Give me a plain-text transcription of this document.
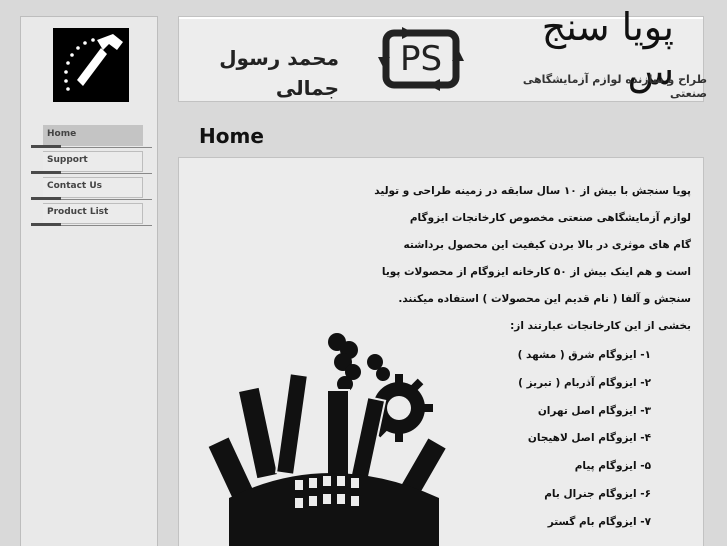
Home
Support
Contact Us
Product List
محمد رسول جمالی
PS
پویا سنج س
طراح و سازنده لوازم آزمایشگاهی صنعتی
Home

پویا سنجش با بیش از ۱۰ سال سابقه در زمینه طراحی و تولید

لوازم آزمایشگاهی صنعتی مخصوص کارخانجات ایزوگام

گام های موثری در بالا بردن کیفیت این محصول برداشته

است و هم اینک بیش از ۵۰ کارخانه ایزوگام از محصولات پویا

سنجش و آلفا ( نام قدیم این محصولات ) استفاده میکنند.

بخشی از این کارخانجات عبارتند از:

۱- ایزوگام شرق ( مشهد )
۲- ایزوگام آذربام ( تبریز )
۳- ایزوگام اصل تهران
۴- ایزوگام اصل لاهیجان
۵- ایزوگام پیام
۶- ایزوگام جنرال بام
۷- ایزوگام بام گستر
